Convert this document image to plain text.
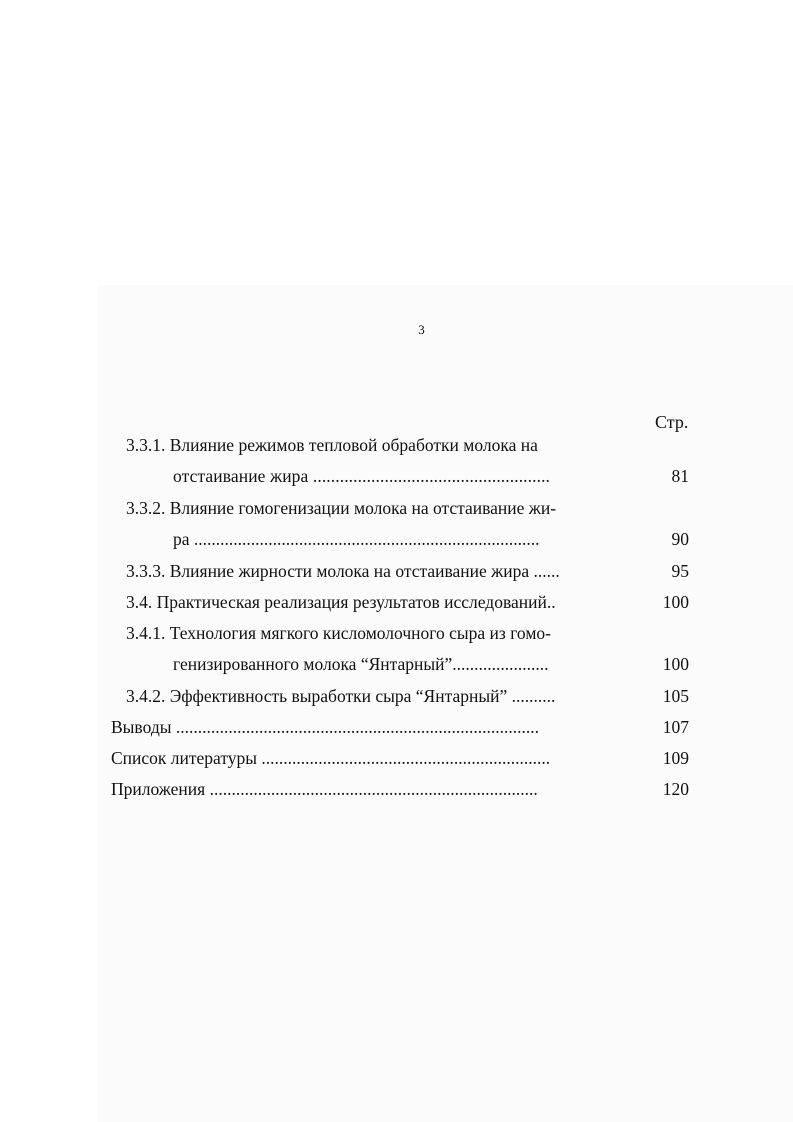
3
Стр.
3.3.1. Влияние режимов тепловой обработки молока на
отстаивание жира .....................................................	81
3.3.2. Влияние гомогенизации молока на отстаивание жи-
ра ...............................................................................	90
3.3.3. Влияние жирности молока на отстаивание жира ......	95
3.4. Практическая реализация результатов исследований..	100
3.4.1. Технология мягкого кисломолочного сыра из гомо-
генизированного молока “Янтарный”......................	100
3.4.2. Эффективность выработки сыра “Янтарный” ..........	105
Выводы ...................................................................................	107
Список литературы ..................................................................	109
Приложения ...........................................................................	120
